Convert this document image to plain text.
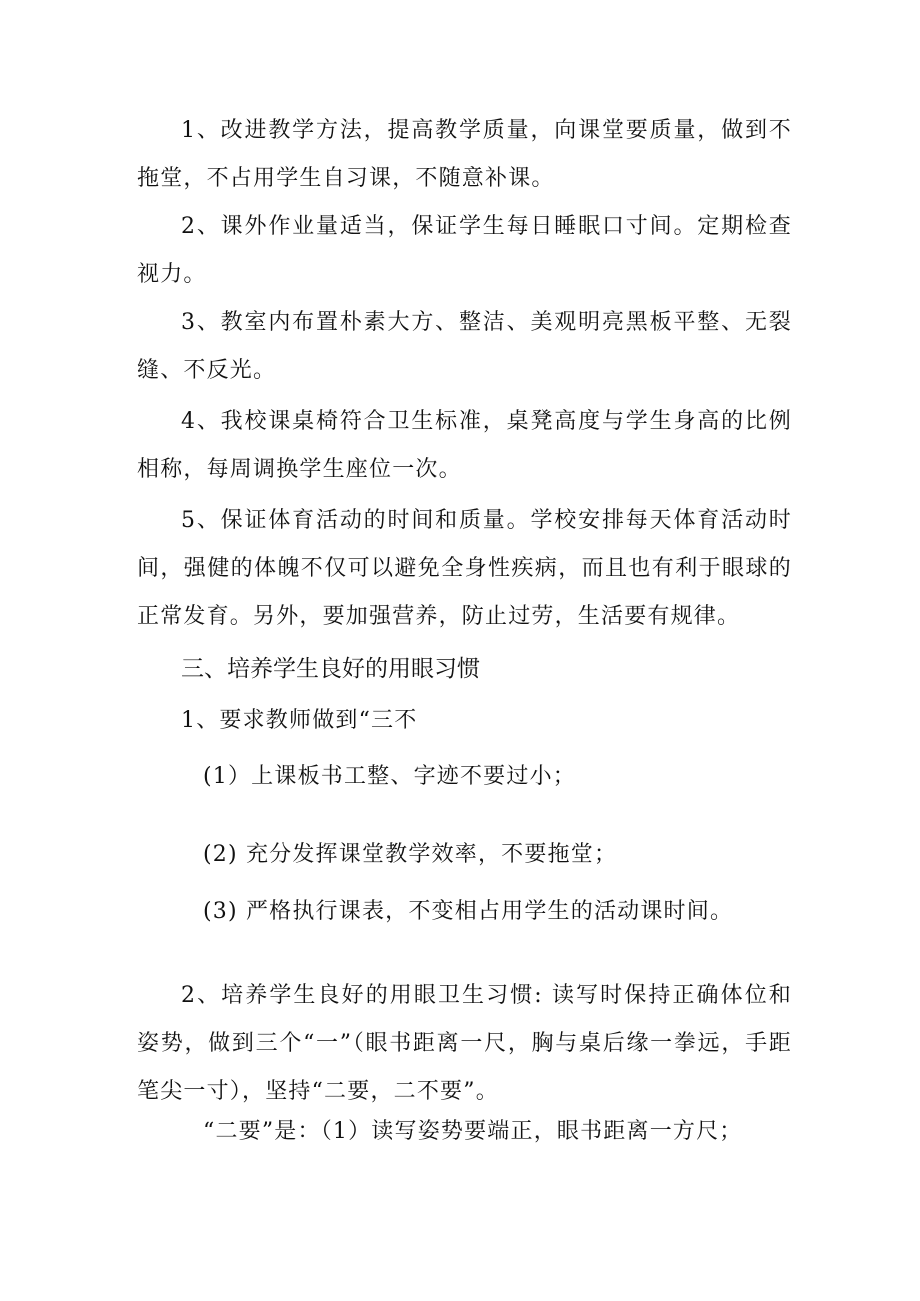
1、改进教学方法，提高教学质量，向课堂要质量，做到不拖堂，不占用学生自习课，不随意补课。

2、课外作业量适当，保证学生每日睡眠口寸间。定期检查视力。

3、教室内布置朴素大方、整洁、美观明亮黑板平整、无裂缝、不反光。

4、我校课桌椅符合卫生标准，桌凳高度与学生身高的比例相称，每周调换学生座位一次。

5、保证体育活动的时间和质量。学校安排每天体育活动时间，强健的体魄不仅可以避免全身性疾病，而且也有利于眼球的正常发育。另外，要加强营养，防止过劳，生活要有规律。

三、培养学生良好的用眼习惯

1、要求教师做到“三不

(1）上课板书工整、字迹不要过小；

(2) 充分发挥课堂教学效率，不要拖堂；

(3) 严格执行课表，不变相占用学生的活动课时间。

2、培养学生良好的用眼卫生习惯: 读写时保持正确体位和姿势，做到三个“一”（眼书距离一尺，胸与桌后缘一拳远，手距笔尖一寸），坚持“二要，二不要”。

“二要”是：（1）读写姿势要端正，眼书距离一方尺；
